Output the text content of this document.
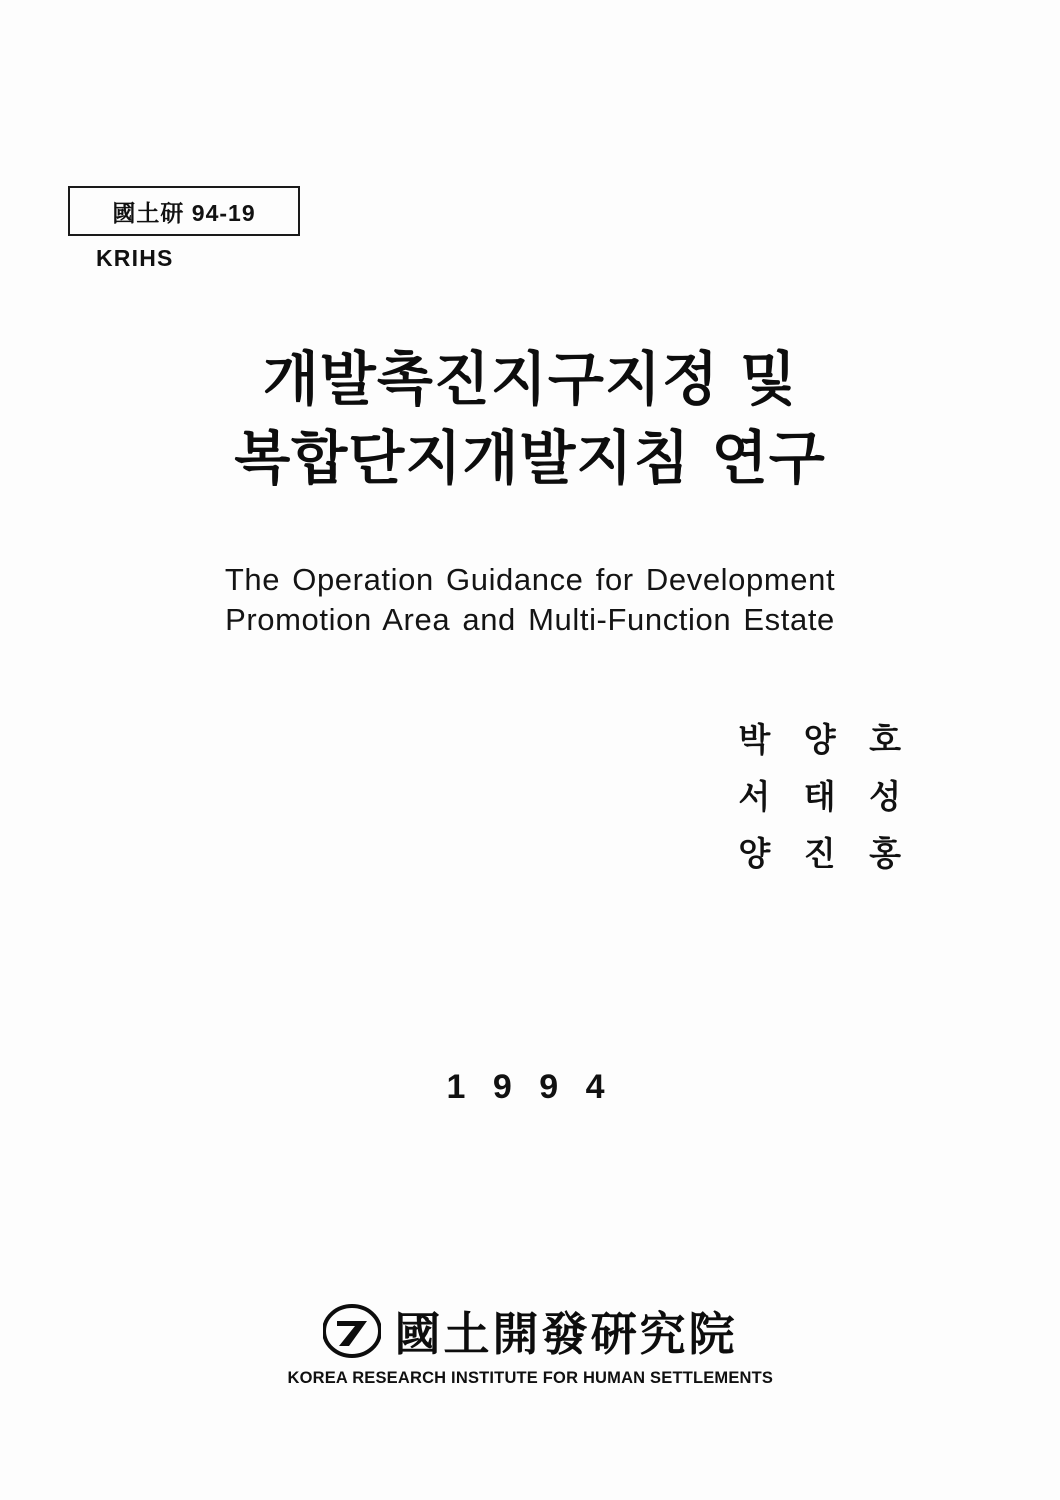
國土研 94-19
KRIHS
개발촉진지구지정 및
복합단지개발지침 연구
The Operation Guidance for Development
Promotion Area and Multi-Function Estate
박 양 호
서 태 성
양 진 홍
1 9 9 4
國土開發硏究院
KOREA RESEARCH INSTITUTE FOR HUMAN SETTLEMENTS
